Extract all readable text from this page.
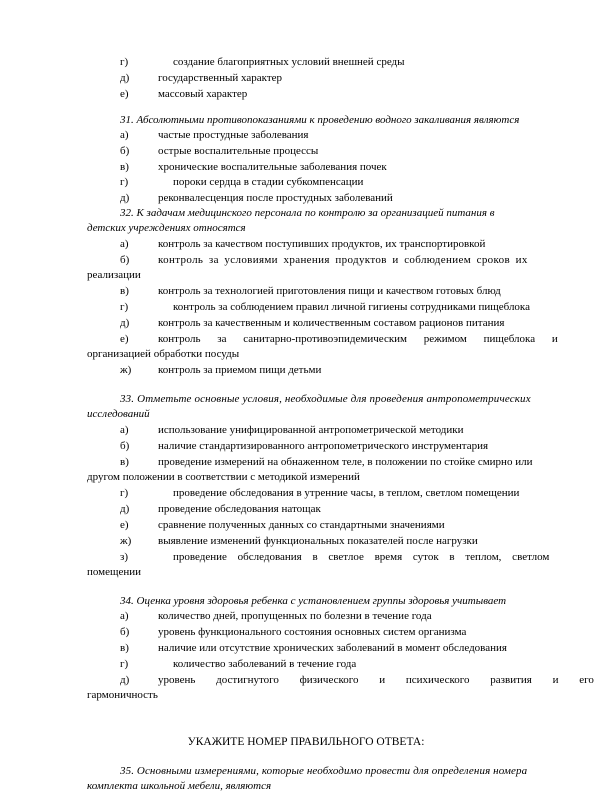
г)	создание благоприятных условий внешней среды
д)	государственный характер
е)	массовый характер
31. Абсолютными противопоказаниями к проведению водного закаливания являются
а)	частые простудные заболевания
б)	острые воспалительные процессы
в)	хронические воспалительные заболевания почек
г)	пороки сердца в стадии субкомпенсации
д)	реконвалесценция после простудных заболеваний
32. К задачам медицинского персонала по контролю за организацией питания в
детских учреждениях относятся
а)	контроль за качеством поступивших продуктов, их транспортировкой
б)	контроль за условиями хранения продуктов и соблюдением сроков их
реализации
в)	контроль за технологией приготовления пищи и качеством готовых блюд
г)	контроль за соблюдением правил личной гигиены сотрудниками пищеблока
д)	контроль за качественным и количественным составом рационов питания
е)	контроль за санитарно-противоэпидемическим режимом пищеблока и
организацией обработки посуды
ж) контроль за приемом пищи детьми
33. Отметьте основные условия, необходимые для проведения антропометрических
исследований
а)	использование унифицированной антропометрической методики
б)	наличие стандартизированного антропометрического инструментария
в)	проведение измерений на обнаженном теле, в положении по стойке смирно или
другом положении в соответствии с методикой измерений
г)	проведение обследования в утренние часы, в теплом, светлом помещении
д)	проведение обследования натощак
е)	сравнение полученных данных со стандартными значениями
ж) выявление изменений функциональных показателей после нагрузки
з)	проведение обследования в светлое время суток в теплом, светлом
помещении
34. Оценка уровня здоровья ребенка с установлением группы здоровья учитывает
а)	количество дней, пропущенных по болезни в течение года
б)	уровень функционального состояния основных систем организма
в)	наличие или отсутствие хронических заболеваний в момент обследования
г)	количество заболеваний в течение года
д)	уровень достигнутого физического и психического развития и его
гармоничность
УКАЖИТЕ НОМЕР ПРАВИЛЬНОГО ОТВЕТА:
35. Основными измерениями, которые необходимо провести для определения номера
комплекта школьной мебели, являются
